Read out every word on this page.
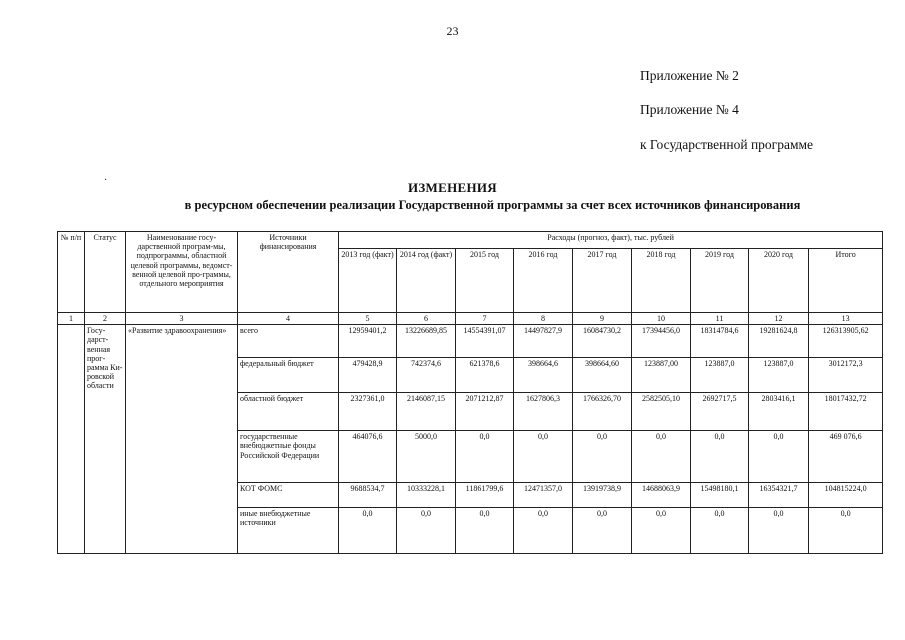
23
Приложение № 2
Приложение № 4
к Государственной программе
·	ИЗМЕНЕНИЯ
в ресурсном обеспечении реализации Государственной программы за счет всех источников финансирования
№ п/п	Статус	Наименование госу-дарственной програм-мы, подпрограммы, областной целевой программы, ведомст-венной целевой про-граммы, отдельного мероприятия	Источники финансирования	Расходы (прогноз, факт), тыс. рублей								
				2013 год (факт)	2014 год (факт)	2015 год	2016 год	2017 год	2018 год	2019 год	2020 год	Итого
1	2	3	4	5	6	7	8	9	10	11	12	13
	Госу-дарст-венная прог-рамма Ки-ровской области	«Развитие здравоохранения»	всего	12959401,2	13226689,85	14554391,07	14497827,9	16084730,2	17394456,0	18314784,6	19281624,8	126313905,62
			федеральный бюджет	479428,9	742374,6	621378,6	398664,6	398664,60	123887,00	123887,0	123887,0	3012172,3
			областной бюджет	2327361,0	2146087,15	2071212,87	1627806,3	1766326,70	2582505,10	2692717,5	2803416,1	18017432,72
			государственные внебюджетные фонды Российской Федерации	464076,6	5000,0	0,0	0,0	0,0	0,0	0,0	0,0	469 076,6
			КОТ ФОМС	9688534,7	10333228,1	11861799,6	12471357,0	13919738,9	14688063,9	15498180,1	16354321,7	104815224,0
			иные внебюджетные источники	0,0	0,0	0,0	0,0	0,0	0,0	0,0	0,0	0,0
